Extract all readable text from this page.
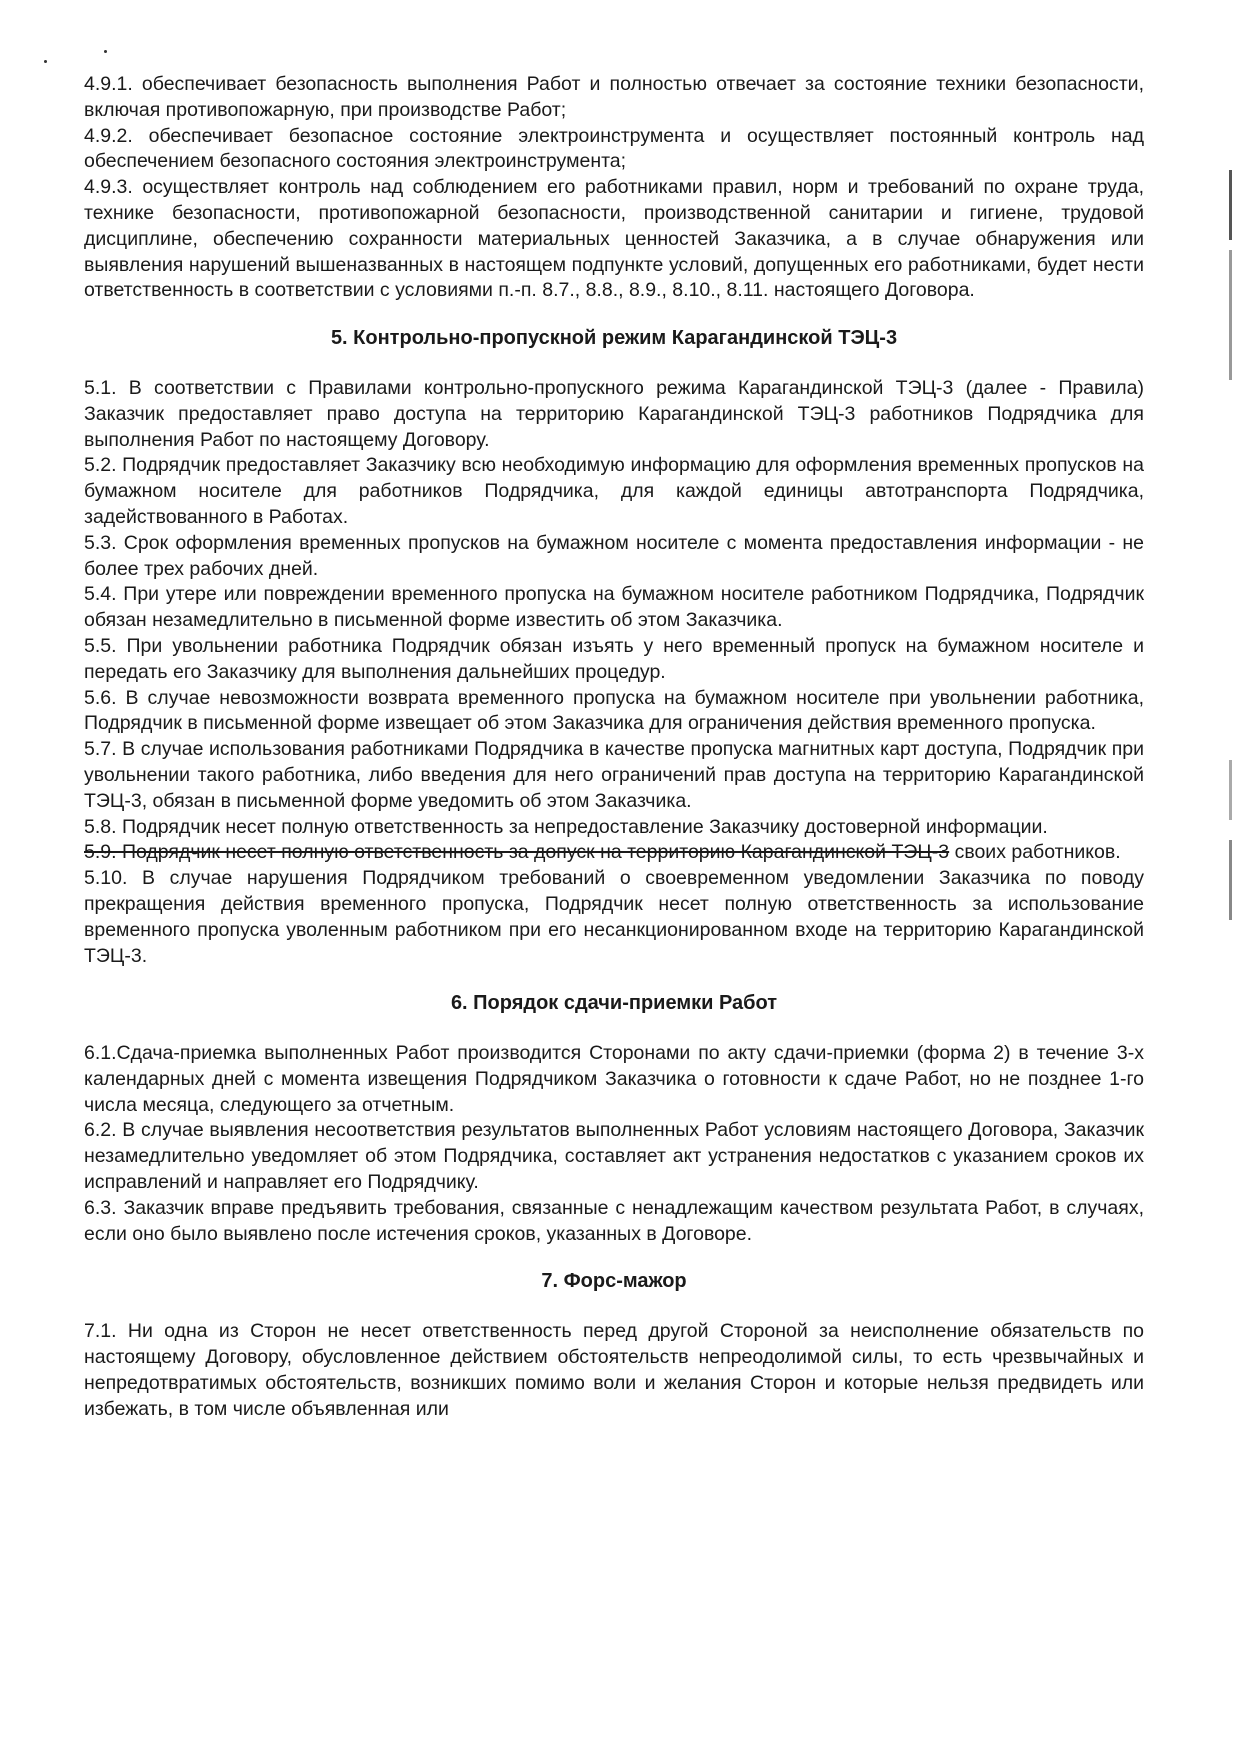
4.9.1. обеспечивает безопасность выполнения Работ и полностью отвечает за состояние техники безопасности, включая противопожарную, при производстве Работ;

4.9.2. обеспечивает безопасное состояние электроинструмента и осуществляет постоянный контроль над обеспечением безопасного состояния электроинструмента;

4.9.3. осуществляет контроль над соблюдением его работниками правил, норм и требований по охране труда, технике безопасности, противопожарной безопасности, производственной санитарии и гигиене, трудовой дисциплине, обеспечению сохранности материальных ценностей Заказчика, а в случае обнаружения или выявления нарушений вышеназванных в настоящем подпункте условий, допущенных его работниками, будет нести ответственность в соответствии с условиями п.-п. 8.7., 8.8., 8.9., 8.10., 8.11. настоящего Договора.

5. Контрольно-пропускной режим Карагандинской ТЭЦ-3

5.1. В соответствии с Правилами контрольно-пропускного режима Карагандинской ТЭЦ-3 (далее - Правила) Заказчик предоставляет право доступа на территорию Карагандинской ТЭЦ-3 работников Подрядчика для выполнения Работ по настоящему Договору.

5.2. Подрядчик предоставляет Заказчику всю необходимую информацию для оформления временных пропусков на бумажном носителе для работников Подрядчика, для каждой единицы автотранспорта Подрядчика, задействованного в Работах.

5.3. Срок оформления временных пропусков на бумажном носителе с момента предоставления информации - не более трех рабочих дней.

5.4. При утере или повреждении временного пропуска на бумажном носителе работником Подрядчика, Подрядчик обязан незамедлительно в письменной форме известить об этом Заказчика.

5.5. При увольнении работника Подрядчик обязан изъять у него временный пропуск на бумажном носителе и передать его Заказчику для выполнения дальнейших процедур.

5.6. В случае невозможности возврата временного пропуска на бумажном носителе при увольнении работника, Подрядчик в письменной форме извещает об этом Заказчика для ограничения действия временного пропуска.

5.7. В случае использования работниками Подрядчика в качестве пропуска магнитных карт доступа, Подрядчик при увольнении такого работника, либо введения для него ограничений прав доступа на территорию Карагандинской ТЭЦ-3, обязан в письменной форме уведомить об этом Заказчика.

5.8. Подрядчик несет полную ответственность за непредоставление Заказчику достоверной информации.

5.9. Подрядчик несет полную ответственность за допуск на территорию Карагандинской ТЭЦ-3 своих работников.

5.10. В случае нарушения Подрядчиком требований о своевременном уведомлении Заказчика по поводу прекращения действия временного пропуска, Подрядчик несет полную ответственность за использование временного пропуска уволенным работником при его несанкционированном входе на территорию Карагандинской ТЭЦ-3.

6. Порядок сдачи-приемки Работ

6.1.Сдача-приемка выполненных Работ производится Сторонами по акту сдачи-приемки (форма 2) в течение 3-х календарных дней с момента извещения Подрядчиком Заказчика о готовности к сдаче Работ, но не позднее 1-го числа месяца, следующего за отчетным.

6.2. В случае выявления несоответствия результатов выполненных Работ условиям настоящего Договора, Заказчик незамедлительно уведомляет об этом Подрядчика, составляет акт устранения недостатков с указанием сроков их исправлений и направляет его Подрядчику.

6.3. Заказчик вправе предъявить требования, связанные с ненадлежащим качеством результата Работ, в случаях, если оно было выявлено после истечения сроков, указанных в Договоре.

7. Форс-мажор

7.1. Ни одна из Сторон не несет ответственность перед другой Стороной за неисполнение обязательств по настоящему Договору, обусловленное действием обстоятельств непреодолимой силы, то есть чрезвычайных и непредотвратимых обстоятельств, возникших помимо воли и желания Сторон и которые нельзя предвидеть или избежать, в том числе объявленная или
